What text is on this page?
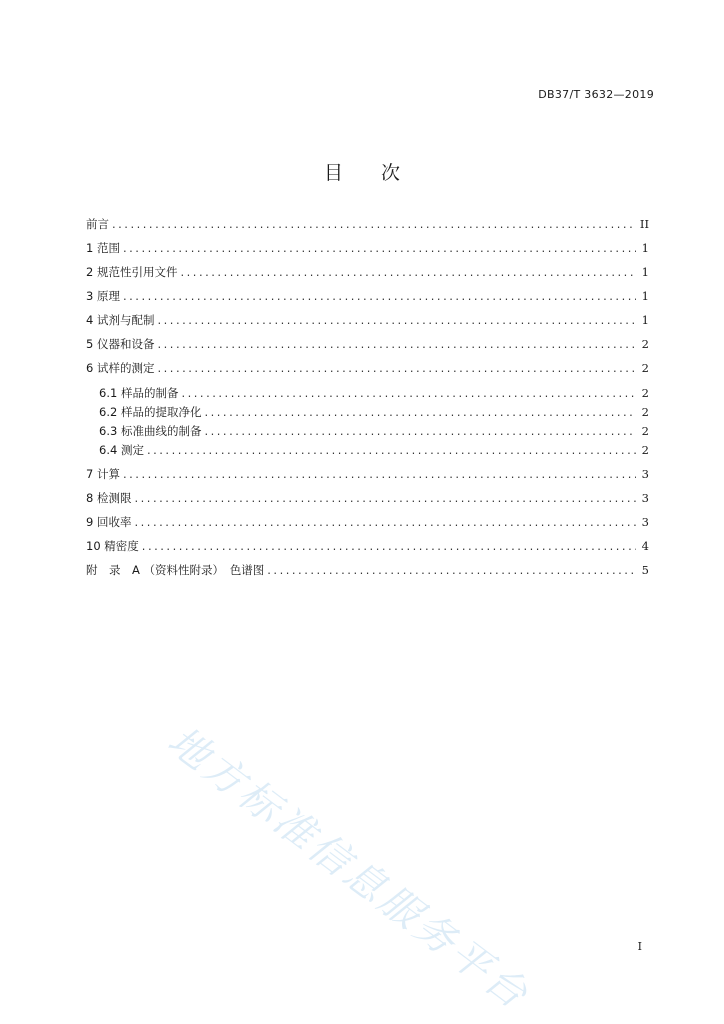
DB37/T 3632—2019
目次
前言 .....	II
1 范围 .....	1
2 规范性引用文件 .....	1
3 原理 .....	1
4 试剂与配制 .....	1
5 仪器和设备 .....	2
6 试样的测定 .....	2
6.1 样品的制备 .....	2
6.2 样品的提取净化 .....	2
6.3 标准曲线的制备 .....	2
6.4 测定 .....	2
7 计算 .....	3
8 检测限 .....	3
9 回收率 .....	3
10 精密度 .....	4
附　录　A （资料性附录）　色谱图 .....	5
地方标准信息服务平台	I
